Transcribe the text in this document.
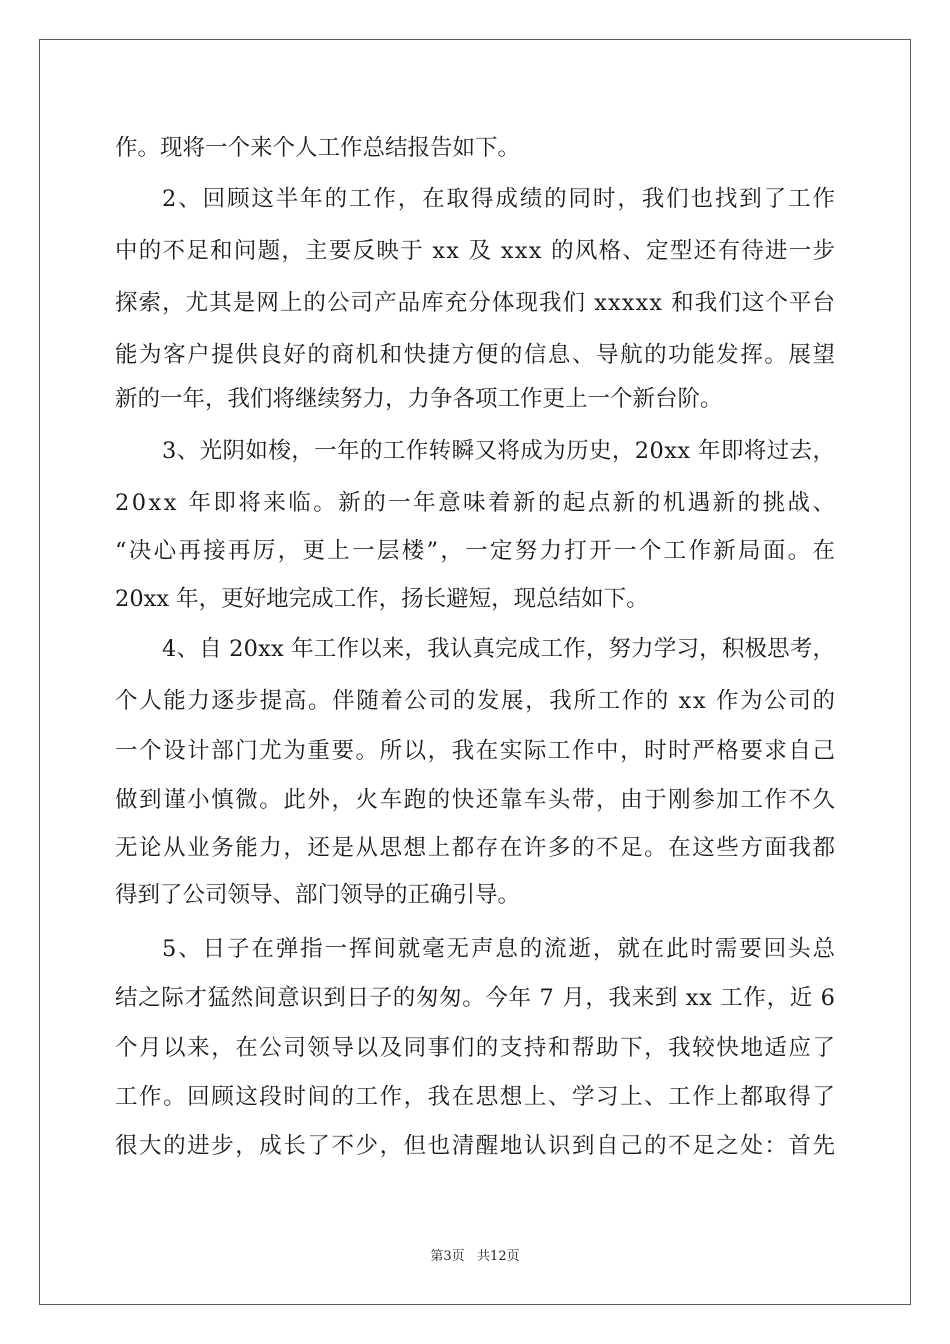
作。现将一个来个人工作总结报告如下。
2、回顾这半年的工作，在取得成绩的同时，我们也找到了工作
中的不足和问题，主要反映于 xx 及 xxx 的风格、定型还有待进一步
探索，尤其是网上的公司产品库充分体现我们 xxxxx 和我们这个平台
能为客户提供良好的商机和快捷方便的信息、导航的功能发挥。展望
新的一年，我们将继续努力，力争各项工作更上一个新台阶。
3、光阴如梭，一年的工作转瞬又将成为历史，20xx 年即将过去，
20xx 年即将来临。新的一年意味着新的起点新的机遇新的挑战、
“决心再接再厉，更上一层楼”，一定努力打开一个工作新局面。在
20xx 年，更好地完成工作，扬长避短，现总结如下。
4、自 20xx 年工作以来，我认真完成工作，努力学习，积极思考，
个人能力逐步提高。伴随着公司的发展，我所工作的 xx 作为公司的
一个设计部门尤为重要。所以，我在实际工作中，时时严格要求自己
做到谨小慎微。此外，火车跑的快还靠车头带，由于刚参加工作不久
无论从业务能力，还是从思想上都存在许多的不足。在这些方面我都
得到了公司领导、部门领导的正确引导。
5、日子在弹指一挥间就毫无声息的流逝，就在此时需要回头总
结之际才猛然间意识到日子的匆匆。今年 7 月，我来到 xx 工作，近 6
个月以来，在公司领导以及同事们的支持和帮助下，我较快地适应了
工作。回顾这段时间的工作，我在思想上、学习上、工作上都取得了
很大的进步，成长了不少，但也清醒地认识到自己的不足之处：首先
第3页   共12页
